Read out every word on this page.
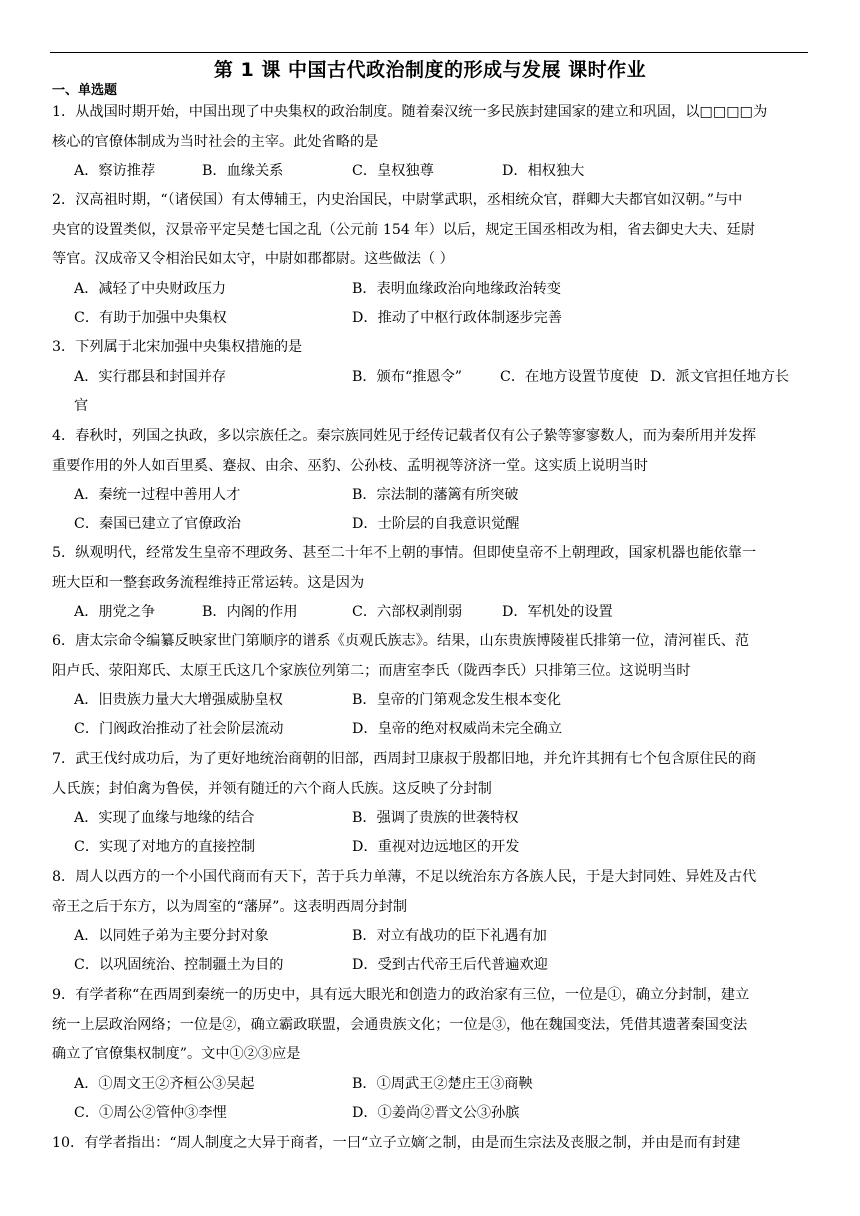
第 1 课 中国古代政治制度的形成与发展 课时作业
一、单选题
1．从战国时期开始，中国出现了中央集权的政治制度。随着秦汉统一多民族封建国家的建立和巩固，以□□□□为
核心的官僚体制成为当时社会的主宰。此处省略的是
A．察访推荐	B．血缘关系	C．皇权独尊	D．相权独大
2．汉高祖时期，“（诸侯国）有太傅辅王，内史治国民，中尉掌武职，丞相统众官，群卿大夫都官如汉朝。”与中
央官的设置类似，汉景帝平定吴楚七国之乱（公元前 154 年）以后，规定王国丞相改为相，省去御史大夫、廷尉
等官。汉成帝又令相治民如太守，中尉如郡都尉。这些做法（ ）
A．减轻了中央财政压力	B．表明血缘政治向地缘政治转变
C．有助于加强中央集权	D．推动了中枢行政体制逐步完善
3．下列属于北宋加强中央集权措施的是
A．实行郡县和封国并存	B．颁布“推恩令”	C．在地方设置节度使 D．派文官担任地方长
官
4．春秋时，列国之执政，多以宗族任之。秦宗族同姓见于经传记载者仅有公子絷等寥寥数人，而为秦所用并发挥
重要作用的外人如百里奚、蹇叔、由余、巫豹、公孙枝、孟明视等济济一堂。这实质上说明当时
A．秦统一过程中善用人才	B．宗法制的藩篱有所突破
C．秦国已建立了官僚政治	D．士阶层的自我意识觉醒
5．纵观明代，经常发生皇帝不理政务、甚至二十年不上朝的事情。但即使皇帝不上朝理政，国家机器也能依靠一
班大臣和一整套政务流程维持正常运转。这是因为
A．朋党之争	B．内阁的作用	C．六部权剥削弱	D．军机处的设置
6．唐太宗命令编纂反映家世门第顺序的谱系《贞观氏族志》。结果，山东贵族博陵崔氏排第一位，清河崔氏、范
阳卢氏、荥阳郑氏、太原王氏这几个家族位列第二；而唐室李氏（陇西李氏）只排第三位。这说明当时
A．旧贵族力量大大增强威胁皇权	B．皇帝的门第观念发生根本变化
C．门阀政治推动了社会阶层流动	D．皇帝的绝对权威尚未完全确立
7．武王伐纣成功后，为了更好地统治商朝的旧部，西周封卫康叔于殷都旧地，并允许其拥有七个包含原住民的商
人氏族；封伯禽为鲁侯，并领有随迁的六个商人氏族。这反映了分封制
A．实现了血缘与地缘的结合	B．强调了贵族的世袭特权
C．实现了对地方的直接控制	D．重视对边远地区的开发
8．周人以西方的一个小国代商而有天下，苦于兵力单薄，不足以统治东方各族人民，于是大封同姓、异姓及古代
帝王之后于东方，以为周室的“藩屏”。这表明西周分封制
A．以同姓子弟为主要分封对象	B．对立有战功的臣下礼遇有加
C．以巩固统治、控制疆土为目的	D．受到古代帝王后代普遍欢迎
9．有学者称“在西周到秦统一的历史中，具有远大眼光和创造力的政治家有三位，一位是①，确立分封制，建立
统一上层政治网络；一位是②，确立霸政联盟，会通贵族文化；一位是③，他在魏国变法，凭借其遗著秦国变法
确立了官僚集权制度”。文中①②③应是
A．①周文王②齐桓公③吴起	B．①周武王②楚庄王③商鞅
C．①周公②管仲③李悝	D．①姜尚②晋文公③孙膑
10．有学者指出：“周人制度之大异于商者，一曰“立子立嫡′之制，由是而生宗法及丧服之制，并由是而有封建
